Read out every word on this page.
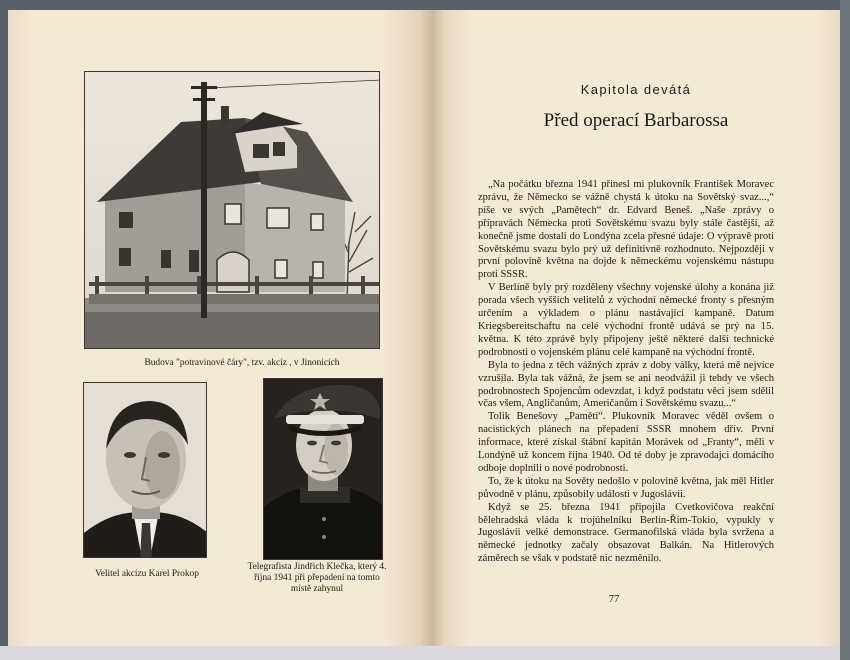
Budova "potravinové čáry", tzv. akcíz , v Jinonicích
Velitel akcízu Karel Prokop
Telegrafista Jindřich Klečka, který 4. října 1941 při přepadení na tomto místě zahynul
Kapitola devátá
Před operací Barbarossa

„Na počátku března 1941 přinesl mi plukovník František Moravec zprávu, že Německo se vážně chystá k útoku na Sovětský svaz...,“ píše ve svých „Pamětech“ dr. Edvard Beneš. „Naše zprávy o přípravách Německa proti Sovětskému svazu byly stále častější, až konečně jsme dostali do Londýna zcela přesné údaje: O výpravě proti Sovětskému svazu bylo prý už definitivně rozhodnuto. Nejpozději v první polovině května na dojde k německému vojenskému nástupu proti SSSR.

V Berlíně byly prý rozděleny všechny vojenské úlohy a konána již porada všech vyšších velitelů z východní německé fronty s přesným určením a výkladem o plánu nastávající kampaně. Datum Kriegsbereitschaftu na celé východní frontě udává se prý na 15. května. K této zprávě byly připojeny ještě některé další technické podrobnosti o vojenském plánu celé kampaně na východní frontě.

Byla to jedna z těch vážných zpráv z doby války, která mě nejvíce vzrušila. Byla tak vážná, že jsem se ani neodvážil ji tehdy ve všech podrobnostech Spojencům odevzdat, i když podstatu věci jsem sdělil včas všem, Angličanům, Američanům i Sovětskému svazu...“

Tolik Benešovy „Paměti“. Plukovník Moravec věděl ovšem o nacistických plánech na přepadení SSSR mnohem dřív. První informace, které získal štábní kapitán Morávek od „Franty“, měli v Londýně už koncem října 1940. Od té doby je zpravodajci domácího odboje doplnili o nové podrobnosti.

To, že k útoku na Sověty nedošlo v polovině května, jak měl Hitler původně v plánu, způsobily události v Jugoslávii.

Když se 25. března 1941 připojila Cvetkovičova reakční bělehradská vláda k trojúhelníku Berlín-Řím-Tokio, vypukly v Jugoslávii velké demonstrace. Germanofilská vláda byla svržena a německé jednotky začaly obsazovat Balkán. Na Hitlerových záměrech se však v podstatě nic nezměnilo.

77
